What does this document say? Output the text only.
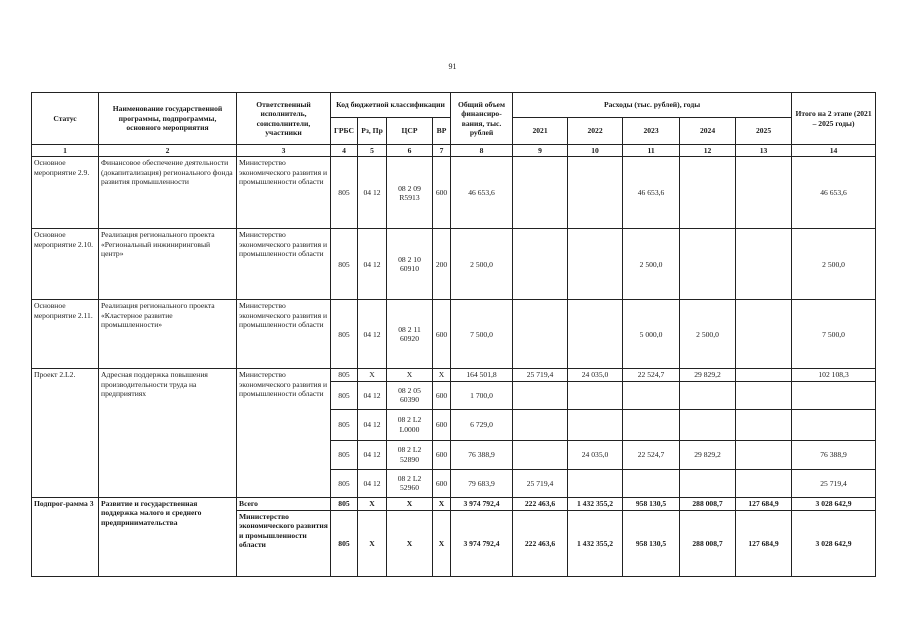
91
Статус	Наименование государственной программы, подпрограммы, основного мероприятия	Ответственный исполнитель, соисполнители, участники	Код бюджетной классификации				Общий объем финансиро-вания, тыс. рублей	Расходы (тыс. рублей), годы					Итого на 2 этапе (2021 – 2025 годы)
			ГРБС	Рз, Пр	ЦСР	ВР		2021	2022	2023	2024	2025	
1	2	3	4	5	6	7	8	9	10	11	12	13	14
Основное мероприятие 2.9.	Финансовое обеспечение деятельности (докапитализация) регионального фонда развития промышленности	Министерство экономического развития и промышленности области	805	04 12	08 2 09 R5913	600	46 653,6			46 653,6			46 653,6
Основное мероприятие 2.10.	Реализация регионального проекта «Региональный инжиниринговый центр»	Министерство экономического развития и промышленности области	805	04 12	08 2 10 60910	200	2 500,0			2 500,0			2 500,0
Основное мероприятие 2.11.	Реализация регионального проекта «Кластерное развитие промышленности»	Министерство экономического развития и промышленности области	805	04 12	08 2 11 60920	600	7 500,0			5 000,0	2 500,0		7 500,0
Проект 2.L2.	Адресная поддержка повышения производительности труда на предприятиях	Министерство экономического развития и промышленности области	805	X	X	X	164 501,8	25 719,4	24 035,0	22 524,7	29 829,2		102 108,3
			805	04 12	08 2 05 60390	600	1 700,0						
			805	04 12	08 2 L2 L0000	600	6 729,0						
			805	04 12	08 2 L2 52890	600	76 388,9		24 035,0	22 524,7	29 829,2		76 388,9
			805	04 12	08 2 L2 52960	600	79 683,9	25 719,4					25 719,4
Подпрог-рамма 3	Развитие и государственная поддержка малого и среднего предпринимательства	Всего	805	X	X	X	3 974 792,4	222 463,6	1 432 355,2	958 130,5	288 008,7	127 684,9	3 028 642,9
		Министерство экономического развития и промышленности области	805	X	X	X	3 974 792,4	222 463,6	1 432 355,2	958 130,5	288 008,7	127 684,9	3 028 642,9
